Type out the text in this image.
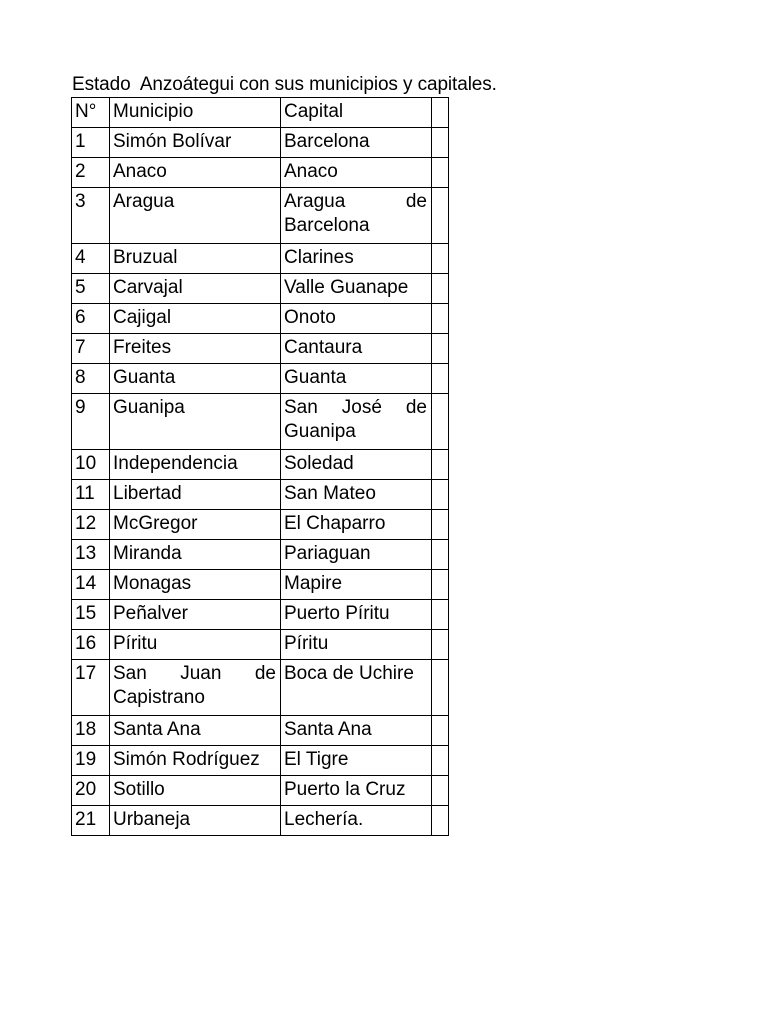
Estado  Anzoátegui con sus municipios y capitales.
N°	Municipio	Capital	
1	Simón Bolívar	Barcelona	
2	Anaco	Anaco	
3	Aragua	Aragua de Barcelona	
4	Bruzual	Clarines	
5	Carvajal	Valle Guanape	
6	Cajigal	Onoto	
7	Freites	Cantaura	
8	Guanta	Guanta	
9	Guanipa	San José de Guanipa	
10	Independencia	Soledad	
11	Libertad	San Mateo	
12	McGregor	El Chaparro	
13	Miranda	Pariaguan	
14	Monagas	Mapire	
15	Peñalver	Puerto Píritu	
16	Píritu	Píritu	
17	San Juan de Capistrano	Boca de Uchire	
18	Santa Ana	Santa Ana	
19	Simón Rodríguez	El Tigre	
20	Sotillo	Puerto la Cruz	
21	Urbaneja	Lechería.	
